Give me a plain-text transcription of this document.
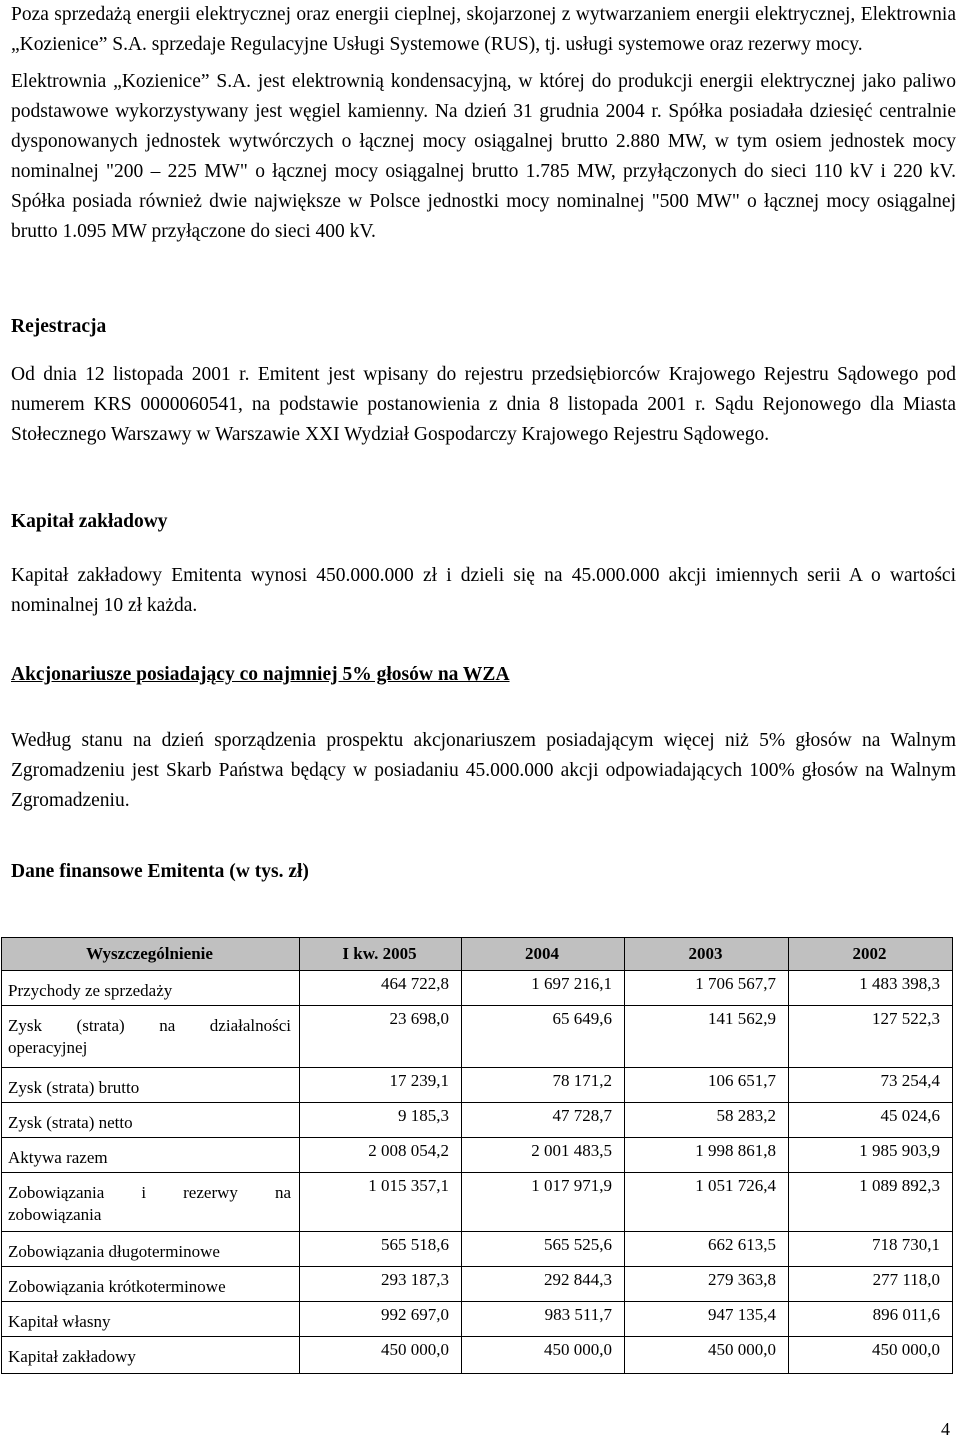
Poza sprzedażą energii elektrycznej oraz energii cieplnej, skojarzonej z wytwarzaniem energii elektrycznej, Elektrownia „Kozienice” S.A. sprzedaje Regulacyjne Usługi Systemowe (RUS), tj. usługi systemowe oraz rezerwy mocy.

Elektrownia „Kozienice” S.A. jest elektrownią kondensacyjną, w której do produkcji energii elektrycznej jako paliwo podstawowe wykorzystywany jest węgiel kamienny. Na dzień 31 grudnia 2004 r. Spółka posiadała dziesięć centralnie dysponowanych jednostek wytwórczych o łącznej mocy osiągalnej brutto 2.880 MW, w tym osiem jednostek mocy nominalnej "200 – 225 MW" o łącznej mocy osiągalnej brutto 1.785 MW, przyłączonych do sieci 110 kV i 220 kV. Spółka posiada również dwie największe w Polsce jednostki mocy nominalnej "500 MW" o łącznej mocy osiągalnej brutto 1.095 MW przyłączone do sieci 400 kV.

Rejestracja

Od dnia 12 listopada 2001 r. Emitent jest wpisany do rejestru przedsiębiorców Krajowego Rejestru Sądowego pod numerem KRS 0000060541, na podstawie postanowienia z dnia 8 listopada 2001 r. Sądu Rejonowego dla Miasta Stołecznego Warszawy w Warszawie XXI Wydział Gospodarczy Krajowego Rejestru Sądowego.

Kapitał zakładowy

Kapitał zakładowy Emitenta wynosi 450.000.000 zł i dzieli się na 45.000.000 akcji imiennych serii A o wartości nominalnej 10 zł każda.

Akcjonariusze posiadający co najmniej 5% głosów na WZA

Według stanu na dzień sporządzenia prospektu akcjonariuszem posiadającym więcej niż 5% głosów na Walnym Zgromadzeniu jest Skarb Państwa będący w posiadaniu 45.000.000 akcji odpowiadających 100% głosów na Walnym Zgromadzeniu.

Dane finansowe Emitenta (w tys. zł)
Wyszczególnienie	I kw. 2005	2004	2003	2002
Przychody ze sprzedaży	464 722,8	1 697 216,1	1 706 567,7	1 483 398,3

Zysk (strata) na działalności
operacyjnej	23 698,0	65 649,6	141 562,9	127 522,3
Zysk (strata) brutto	17 239,1	78 171,2	106 651,7	73 254,4
Zysk (strata) netto	9 185,3	47 728,7	58 283,2	45 024,6
Aktywa razem	2 008 054,2	2 001 483,5	1 998 861,8	1 985 903,9

Zobowiązania i rezerwy na
zobowiązania	1 015 357,1	1 017 971,9	1 051 726,4	1 089 892,3
Zobowiązania długoterminowe	565 518,6	565 525,6	662 613,5	718 730,1
Zobowiązania krótkoterminowe	293 187,3	292 844,3	279 363,8	277 118,0
Kapitał własny	992 697,0	983 511,7	947 135,4	896 011,6
Kapitał zakładowy	450 000,0	450 000,0	450 000,0	450 000,0
4
